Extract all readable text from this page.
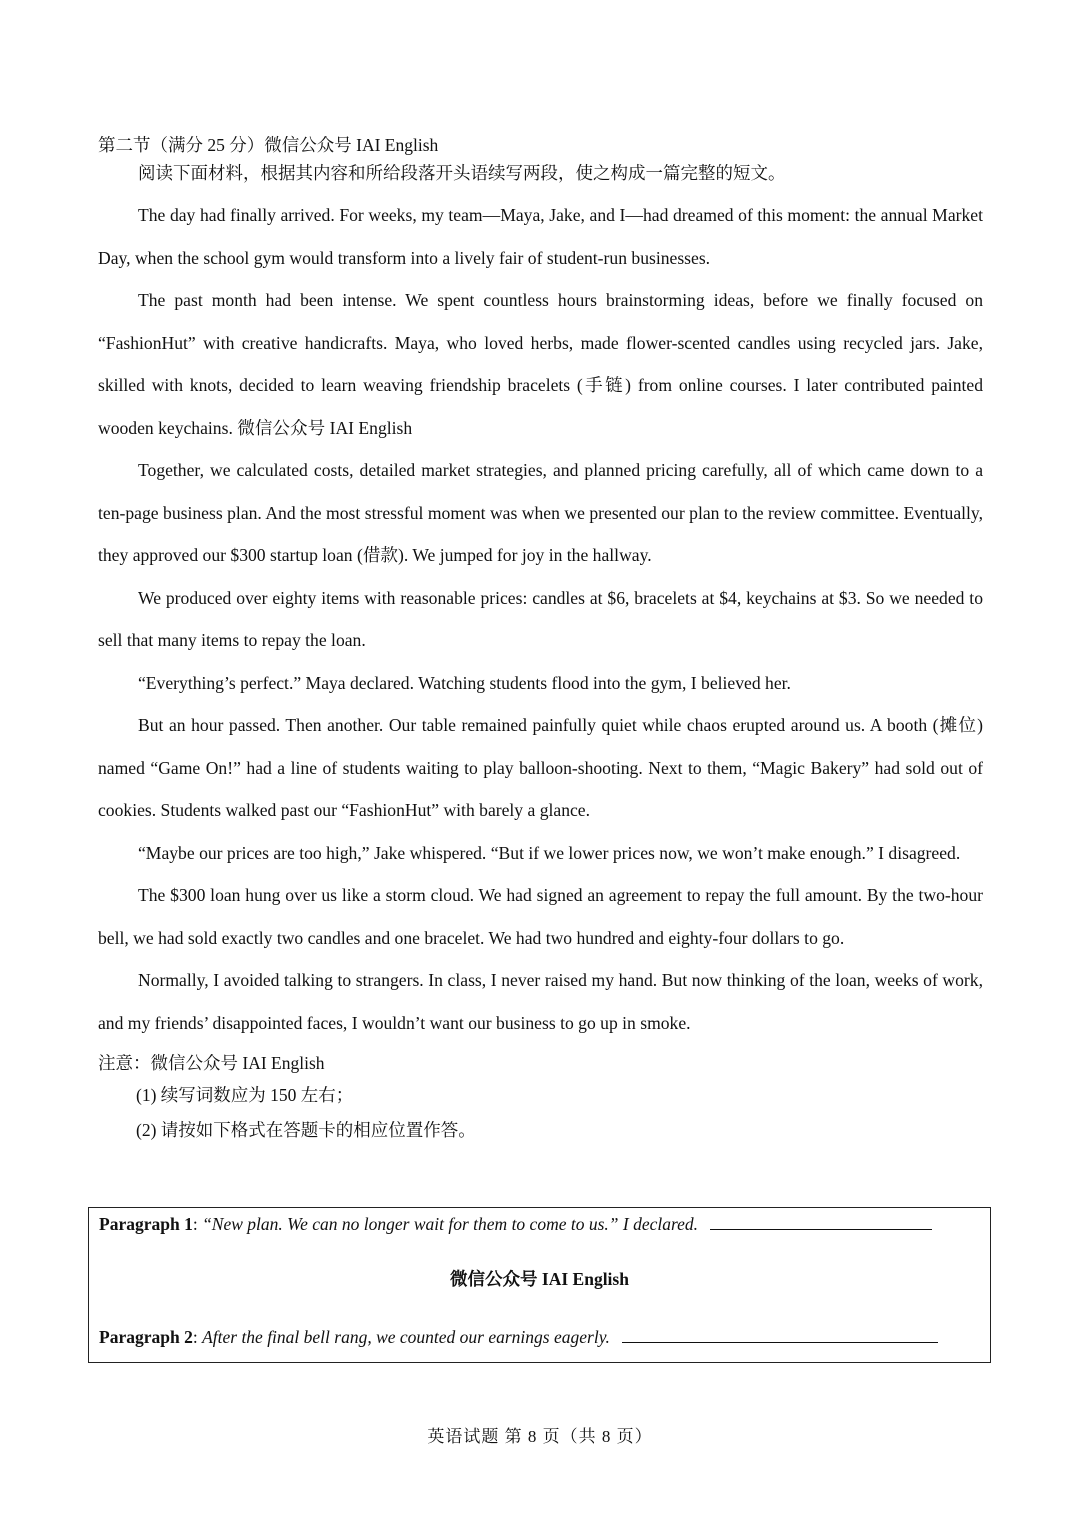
第二节（满分 25 分）微信公众号 IAI English

阅读下面材料，根据其内容和所给段落开头语续写两段，使之构成一篇完整的短文。

The day had finally arrived. For weeks, my team—Maya, Jake, and I—had dreamed of this moment: the annual Market Day, when the school gym would transform into a lively fair of student-run businesses.

The past month had been intense. We spent countless hours brainstorming ideas, before we finally focused on “FashionHut” with creative handicrafts. Maya, who loved herbs, made flower-scented candles using recycled jars. Jake, skilled with knots, decided to learn weaving friendship bracelets (手链) from online courses. I later contributed painted wooden keychains. 微信公众号 IAI English

Together, we calculated costs, detailed market strategies, and planned pricing carefully, all of which came down to a ten-page business plan. And the most stressful moment was when we presented our plan to the review committee. Eventually, they approved our $300 startup loan (借款). We jumped for joy in the hallway.

We produced over eighty items with reasonable prices: candles at $6, bracelets at $4, keychains at $3. So we needed to sell that many items to repay the loan.

“Everything’s perfect.” Maya declared. Watching students flood into the gym, I believed her.

But an hour passed. Then another. Our table remained painfully quiet while chaos erupted around us. A booth (摊位) named “Game On!” had a line of students waiting to play balloon-shooting. Next to them, “Magic Bakery” had sold out of cookies. Students walked past our “FashionHut” with barely a glance.

“Maybe our prices are too high,” Jake whispered. “But if we lower prices now, we won’t make enough.” I disagreed.

The $300 loan hung over us like a storm cloud. We had signed an agreement to repay the full amount. By the two-hour bell, we had sold exactly two candles and one bracelet. We had two hundred and eighty-four dollars to go.

Normally, I avoided talking to strangers. In class, I never raised my hand. But now thinking of the loan, weeks of work, and my friends’ disappointed faces, I wouldn’t want our business to go up in smoke.

注意：微信公众号 IAI English

(1) 续写词数应为 150 左右；

(2) 请按如下格式在答题卡的相应位置作答。

Paragraph 1: “New plan. We can no longer wait for them to come to us.” I declared.
微信公众号 IAI English
Paragraph 2: After the final bell rang, we counted our earnings eagerly.
英语试题 第 8 页（共 8 页）
